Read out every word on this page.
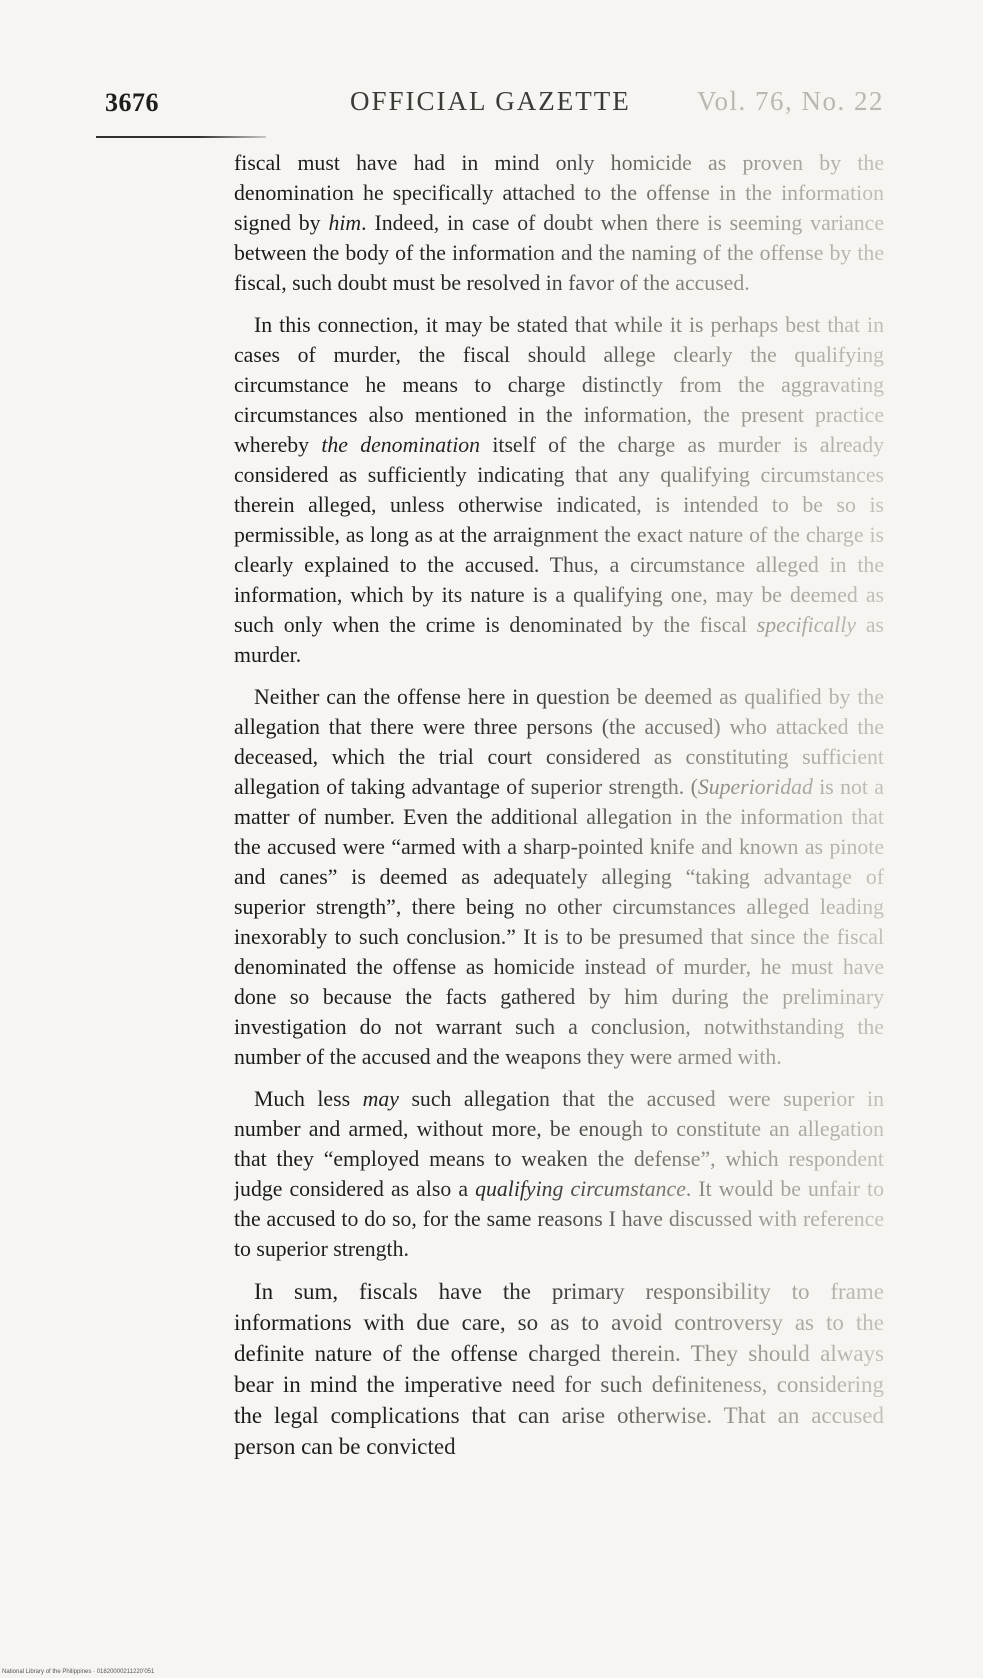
3676	OFFICIAL GAZETTE Vol. 76, No. 22

fiscal must have had in mind only homicide as proven by the denomination he specifically attached to the offense in the information signed by him. Indeed, in case of doubt when there is seeming variance between the body of the information and the naming of the offense by the fiscal, such doubt must be resolved in favor of the accused.

In this connection, it may be stated that while it is perhaps best that in cases of murder, the fiscal should allege clearly the qualifying circumstance he means to charge distinctly from the aggravating circumstances also mentioned in the information, the present practice whereby the denomination itself of the charge as murder is already considered as sufficiently indicating that any qualifying circumstances therein alleged, unless otherwise indicated, is intended to be so is permissible, as long as at the arraignment the exact nature of the charge is clearly explained to the accused. Thus, a circumstance alleged in the information, which by its nature is a qualifying one, may be deemed as such only when the crime is denominated by the fiscal specifically as murder.

Neither can the offense here in question be deemed as qualified by the allegation that there were three persons (the accused) who attacked the deceased, which the trial court considered as constituting sufficient allegation of taking advantage of superior strength. (Superioridad is not a matter of number. Even the additional allegation in the information that the accused were “armed with a sharp-pointed knife and known as pinote and canes” is deemed as adequately alleging “taking advantage of superior strength”, there being no other circumstances alleged leading inexorably to such conclusion.” It is to be presumed that since the fiscal denominated the offense as homicide instead of murder, he must have done so because the facts gathered by him during the preliminary investigation do not warrant such a conclusion, notwithstanding the number of the accused and the weapons they were armed with.

Much less may such allegation that the accused were superior in number and armed, without more, be enough to constitute an allegation that they “employed means to weaken the defense”, which respondent judge considered as also a qualifying circumstance. It would be unfair to the accused to do so, for the same reasons I have discussed with reference to superior strength.

In sum, fiscals have the primary responsibility to frame informations with due care, so as to avoid controversy as to the definite nature of the offense charged therein. They should always bear in mind the imperative need for such definiteness, considering the legal complications that can arise otherwise. That an accused person can be convicted

National Library of the Philippines · 01820000211220’051
